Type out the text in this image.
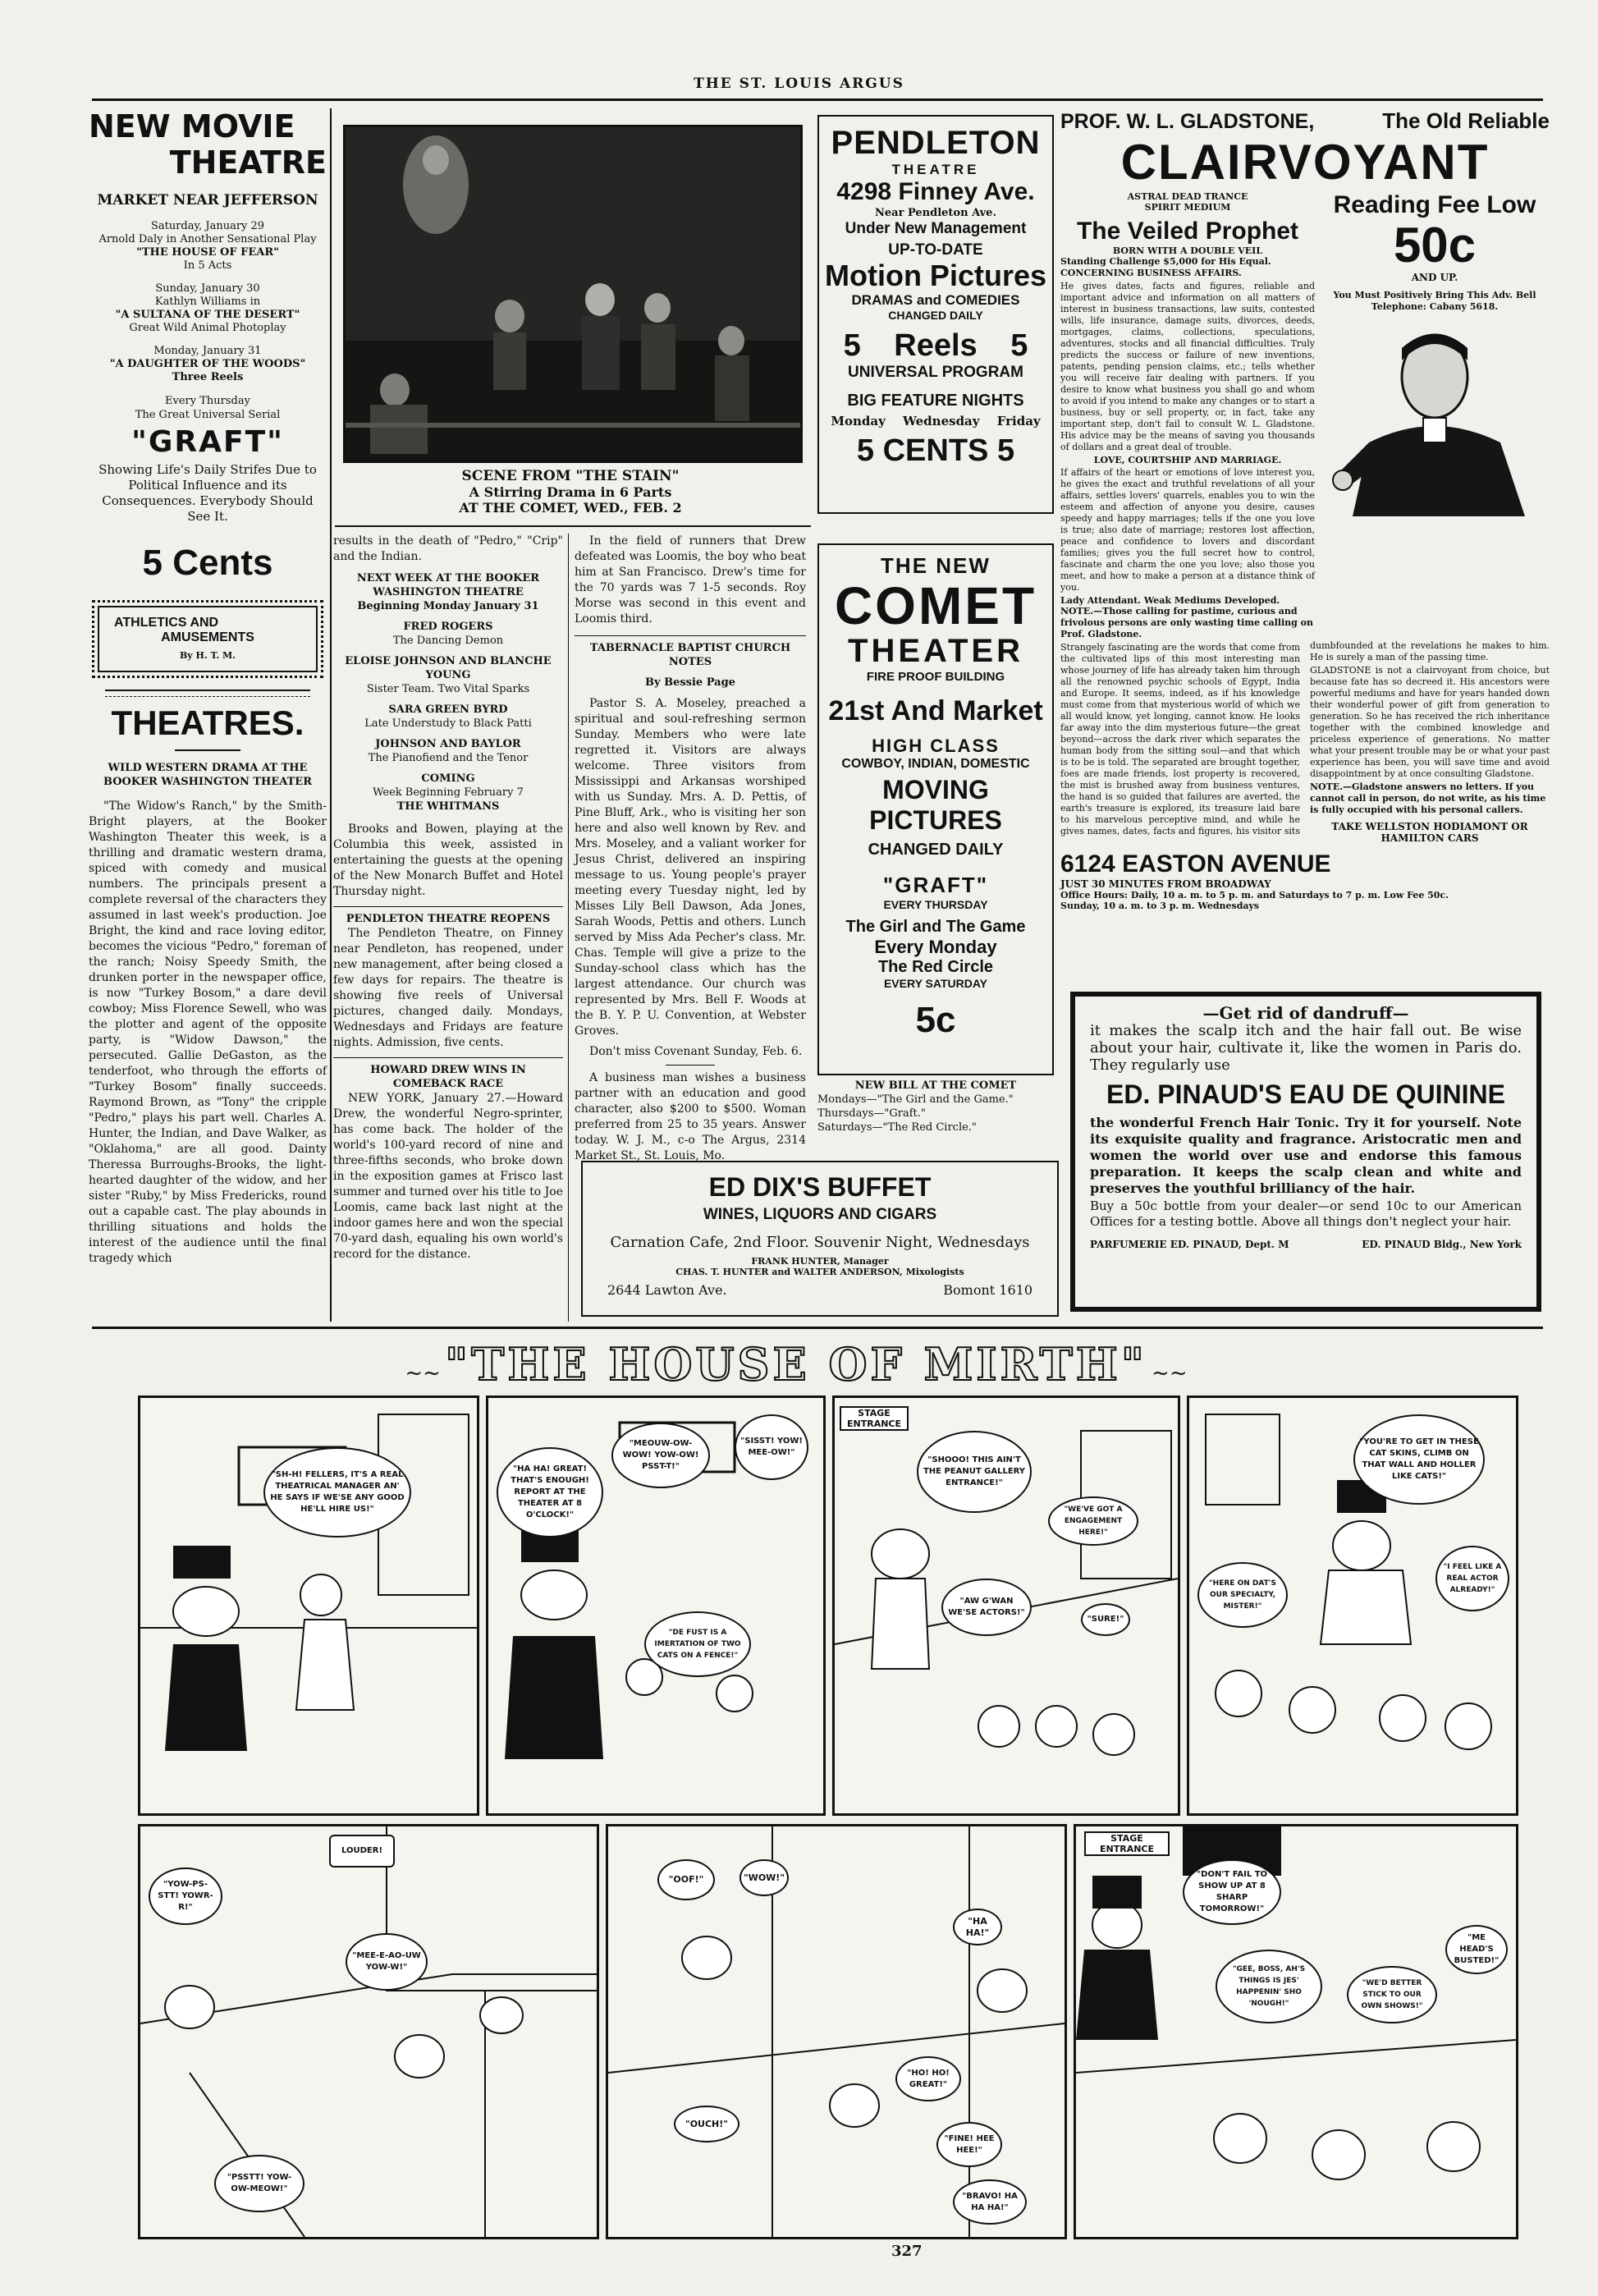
THE ST. LOUIS ARGUS
NEW MOVIE
THEATRE
MARKET NEAR JEFFERSON
Saturday, January 29
Arnold Daly in Another Sensational Play
"THE HOUSE OF FEAR"
In 5 Acts
Sunday, January 30
Kathlyn Williams in
"A SULTANA OF THE DESERT"
Great Wild Animal Photoplay
Monday, January 31
"A DAUGHTER OF THE WOODS"
Three Reels
Every Thursday
The Great Universal Serial
"GRAFT"
Showing Life's Daily Strifes Due to Political Influence and its Consequences. Everybody Should See It.
5 Cents
ATHLETICS AND
AMUSEMENTS
By H. T. M.
THEATRES.
WILD WESTERN DRAMA AT THE BOOKER WASHINGTON THEATER

"The Widow's Ranch," by the Smith-Bright players, at the Booker Washington Theater this week, is a thrilling and dramatic western drama, spiced with comedy and musical numbers. The principals present a complete reversal of the characters they assumed in last week's production. Joe Bright, the kind and race loving editor, becomes the vicious "Pedro," foreman of the ranch; Noisy Speedy Smith, the drunken porter in the newspaper office, is now "Turkey Bosom," a dare devil cowboy; Miss Florence Sewell, who was the plotter and agent of the opposite party, is "Widow Dawson," the persecuted. Gallie DeGaston, as the tenderfoot, who through the efforts of "Turkey Bosom" finally succeeds. Raymond Brown, as "Tony" the cripple "Pedro," plays his part well. Charles A. Hunter, the Indian, and Dave Walker, as "Oklahoma," are all good. Dainty Theressa Burroughs-Brooks, the light-hearted daughter of the widow, and her sister "Ruby," by Miss Fredericks, round out a capable cast. The play abounds in thrilling situations and holds the interest of the audience until the final tragedy which

SCENE FROM "THE STAIN"
A Stirring Drama in 6 Parts
AT THE COMET, WED., FEB. 2

results in the death of "Pedro," "Crip" and the Indian.

NEXT WEEK AT THE BOOKER WASHINGTON THEATRE
Beginning Monday January 31
FRED ROGERS
The Dancing Demon
ELOISE JOHNSON AND BLANCHE YOUNG
Sister Team. Two Vital Sparks
SARA GREEN BYRD
Late Understudy to Black Patti
JOHNSON AND BAYLOR
The Pianofiend and the Tenor
COMING
Week Beginning February 7
THE WHITMANS

Brooks and Bowen, playing at the Columbia this week, assisted in entertaining the guests at the opening of the New Monarch Buffet and Hotel Thursday night.

PENDLETON THEATRE REOPENS

The Pendleton Theatre, on Finney near Pendleton, has reopened, under new management, after being closed a few days for repairs. The theatre is showing five reels of Universal pictures, changed daily. Mondays, Wednesdays and Fridays are feature nights. Admission, five cents.

HOWARD DREW WINS IN COMEBACK RACE

NEW YORK, January 27.—Howard Drew, the wonderful Negro-sprinter, has come back. The holder of the world's 100-yard record of nine and three-fifths seconds, who broke down in the exposition games at Frisco last summer and turned over his title to Joe Loomis, came back last night at the indoor games here and won the special 70-yard dash, equaling his own world's record for the distance.

In the field of runners that Drew defeated was Loomis, the boy who beat him at San Francisco. Drew's time for the 70 yards was 7 1-5 seconds. Roy Morse was second in this event and Loomis third.

TABERNACLE BAPTIST CHURCH NOTES
By Bessie Page

Pastor S. A. Moseley, preached a spiritual and soul-refreshing sermon Sunday. Members who were late regretted it. Visitors are always welcome. Three visitors from Mississippi and Arkansas worshiped with us Sunday. Mrs. A. D. Pettis, of Pine Bluff, Ark., who is visiting her son here and also well known by Rev. and Mrs. Moseley, and a valiant worker for Jesus Christ, delivered an inspiring message to us. Young people's prayer meeting every Tuesday night, led by Misses Lily Bell Dawson, Ada Jones, Sarah Woods, Pettis and others. Lunch served by Miss Ada Pecher's class. Mr. Chas. Temple will give a prize to the Sunday-school class which has the largest attendance. Our church was represented by Mrs. Bell F. Woods at the B. Y. P. U. Convention, at Webster Groves.

Don't miss Covenant Sunday, Feb. 6.

A business man wishes a business partner with an education and good character, also $200 to $500. Woman preferred from 25 to 35 years. Answer today. W. J. M., c-o The Argus, 2314 Market St., St. Louis, Mo.

PENDLETON
THEATRE
4298 Finney Ave.
Near Pendleton Ave.
Under New Management
UP-TO-DATE
Motion Pictures
DRAMAS and COMEDIES
CHANGED DAILY
5 Reels 5
UNIVERSAL PROGRAM
BIG FEATURE NIGHTS
Monday Wednesday Friday
5 CENTS 5
THE NEW
COMET
THEATER
FIRE PROOF BUILDING
21st And Market
HIGH CLASS
COWBOY, INDIAN, DOMESTIC
MOVING PICTURES
CHANGED DAILY
"GRAFT"
EVERY THURSDAY
The Girl and The Game
Every Monday
The Red Circle
EVERY SATURDAY
5c
NEW BILL AT THE COMET
Mondays—"The Girl and the Game."
Thursdays—"Graft."
Saturdays—"The Red Circle."
PROF. W. L. GLADSTONE,	The Old Reliable
CLAIRVOYANT
ASTRAL DEAD TRANCE SPIRIT MEDIUM
The Veiled Prophet
BORN WITH A DOUBLE VEIL
Standing Challenge $5,000 for His Equal. CONCERNING BUSINESS AFFAIRS.

He gives dates, facts and figures, reliable and important advice and information on all matters of interest in business transactions, law suits, contested wills, life insurance, damage suits, divorces, deeds, mortgages, claims, collections, speculations, adventures, stocks and all financial difficulties. Truly predicts the success or failure of new inventions, patents, pending pension claims, etc.; tells whether you will receive fair dealing with partners. If you desire to know what business you shall go and whom to avoid if you intend to make any changes or to start a business, buy or sell property, or, in fact, take any important step, don't fail to consult W. L. Gladstone. His advice may be the means of saving you thousands of dollars and a great deal of trouble.

LOVE, COURTSHIP AND MARRIAGE.

If affairs of the heart or emotions of love interest you, he gives the exact and truthful revelations of all your affairs, settles lovers' quarrels, enables you to win the esteem and affection of anyone you desire, causes speedy and happy marriages; tells if the one you love is true; also date of marriage; restores lost affection, peace and confidence to lovers and discordant families; gives you the full secret how to control, fascinate and charm the one you love; also those you meet, and how to make a person at a distance think of you.

Lady Attendant. Weak Mediums Developed.
Reading Fee Low
50c
AND UP.
You Must Positively Bring This Adv. Bell Telephone: Cabany 5618.
NOTE.—Those calling for pastime, curious and frivolous persons are only wasting time calling on Prof. Gladstone.

Strangely fascinating are the words that come from the cultivated lips of this most interesting man whose journey of life has already taken him through all the renowned psychic schools of Egypt, India and Europe. It seems, indeed, as if his knowledge must come from that mysterious world of which we all would know, yet longing, cannot know. He looks far away into the dim mysterious future—the great beyond—across the dark river which separates the human body from the sitting soul—and that which is to be is told. The separated are brought together, foes are made friends, lost property is recovered, the mist is brushed away from business ventures, the hand is so guided that failures are averted, the earth's treasure is explored, its treasure laid bare to his marvelous perceptive mind, and while he gives names, dates, facts and figures, his visitor sits dumbfounded at the revelations he makes to him. He is surely a man of the passing time.

GLADSTONE is not a clairvoyant from choice, but because fate has so decreed it. His ancestors were powerful mediums and have for years handed down their wonderful power of gift from generation to generation. So he has received the rich inheritance together with the combined knowledge and priceless experience of generations. No matter what your present trouble may be or what your past experience has been, you will save time and avoid disappointment by at once consulting Gladstone.

NOTE.—Gladstone answers no letters. If you cannot call in person, do not write, as his time is fully occupied with his personal callers.

TAKE WELLSTON HODIAMONT OR HAMILTON CARS
6124 EASTON AVENUE
JUST 30 MINUTES FROM BROADWAY
Office Hours: Daily, 10 a. m. to 5 p. m. and Saturdays to 7 p. m. Low Fee 50c.
Sunday, 10 a. m. to 3 p. m. Wednesdays
ED DIX'S BUFFET
WINES, LIQUORS AND CIGARS
Carnation Cafe, 2nd Floor. Souvenir Night, Wednesdays
FRANK HUNTER, Manager
CHAS. T. HUNTER and WALTER ANDERSON, Mixologists
2644 Lawton Ave.	Bomont 1610
—Get rid of dandruff—
it makes the scalp itch and the hair fall out. Be wise about your hair, cultivate it, like the women in Paris do. They regularly use
ED. PINAUD'S EAU DE QUININE
the wonderful French Hair Tonic. Try it for yourself. Note its exquisite quality and fragrance. Aristocratic men and women the world over use and endorse this famous preparation. It keeps the scalp clean and white and preserves the youthful brilliancy of the hair.
Buy a 50c bottle from your dealer—or send 10c to our American Offices for a testing bottle. Above all things don't neglect your hair.
PARFUMERIE ED. PINAUD, Dept. M	ED. PINAUD Bldg., New York
~~ "THE HOUSE OF MIRTH" ~~
"SH-H! FELLERS, IT'S A REAL THEATRICAL MANAGER AN' HE SAYS IF WE'SE ANY GOOD HE'LL HIRE US!"
"HA HA! GREAT! THAT'S ENOUGH! REPORT AT THE THEATER AT 8 O'CLOCK!"
"MEOUW-OW-WOW! YOW-OW! PSST-T!"
"SISST! YOW! MEE-OW!"
"DE FUST IS A IMERTATION OF TWO CATS ON A FENCE!"
STAGE ENTRANCE
"SHOOO! THIS AIN'T THE PEANUT GALLERY ENTRANCE!"
"WE'VE GOT A ENGAGEMENT HERE!"
"AW G'WAN WE'SE ACTORS!"
"SURE!"
"YOU'RE TO GET IN THESE CAT SKINS, CLIMB ON THAT WALL AND HOLLER LIKE CATS!"
"HERE ON DAT'S OUR SPECIALTY, MISTER!"
"I FEEL LIKE A REAL ACTOR ALREADY!"
"YOW-PS-STT! YOWR-R!"
LOUDER!
"MEE-E-AO-UW YOW-W!"
"PSSTT! YOW-OW-MEOW!"
"OOF!"	"WOW!"
"HA HA!"
"HO! HO! GREAT!"
"OUCH!"
"FINE! HEE HEE!"
"BRAVO! HA HA HA!"
STAGE ENTRANCE
"DON'T FAIL TO SHOW UP AT 8 SHARP TOMORROW!"
"GEE, BOSS, AH'S THINGS IS JES' HAPPENIN' SHO 'NOUGH!"
"WE'D BETTER STICK TO OUR OWN SHOWS!"
"ME HEAD'S BUSTED!"
327
